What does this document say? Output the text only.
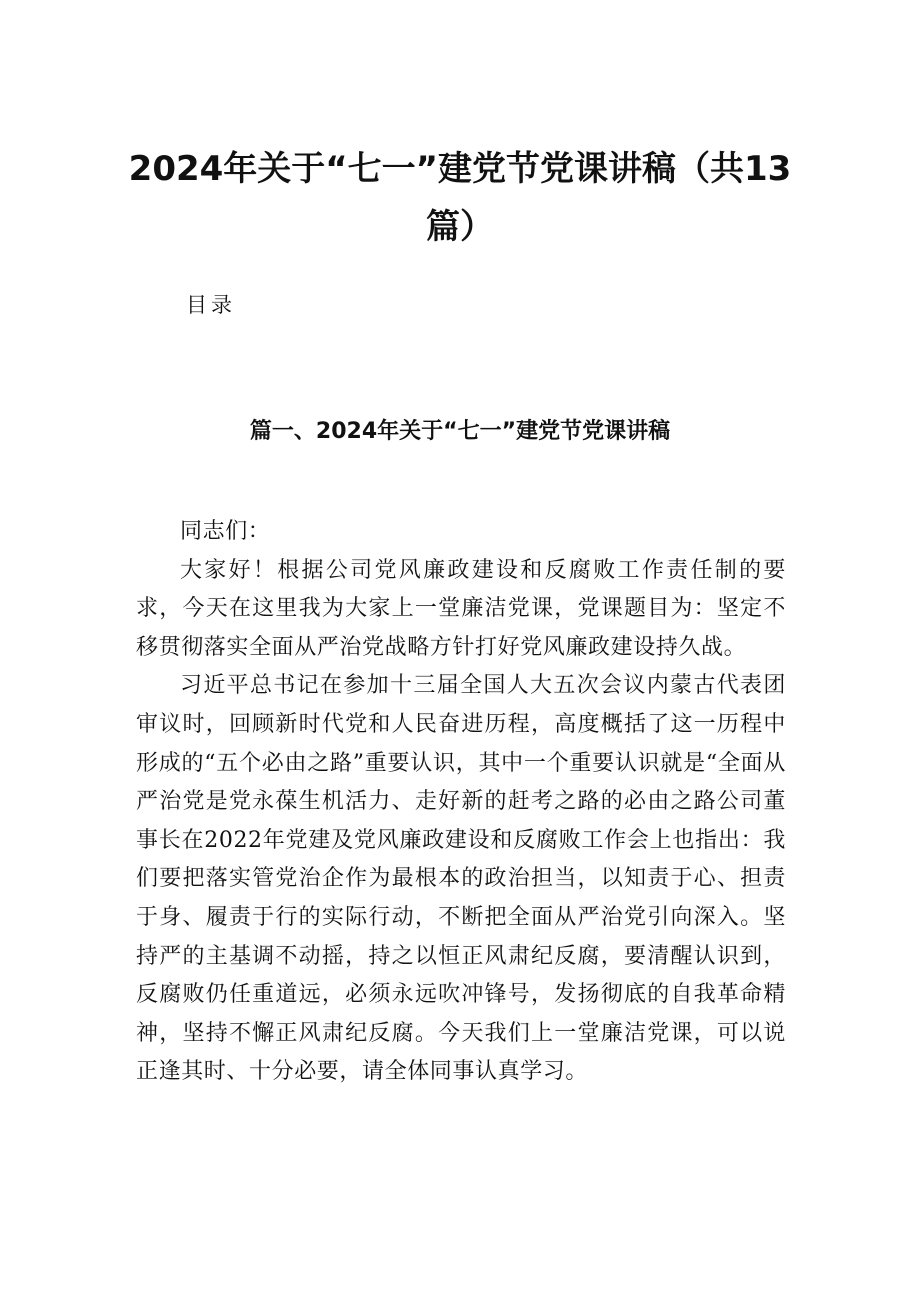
2024年关于“七一”建党节党课讲稿（共13
篇）
目录
篇一、2024年关于“七一”建党节党课讲稿

同志们：

大家好！根据公司党风廉政建设和反腐败工作责任制的要求，今天在这里我为大家上一堂廉洁党课，党课题目为：坚定不移贯彻落实全面从严治党战略方针打好党风廉政建设持久战。

习近平总书记在参加十三届全国人大五次会议内蒙古代表团审议时，回顾新时代党和人民奋进历程，高度概括了这一历程中形成的“五个必由之路”重要认识，其中一个重要认识就是“全面从严治党是党永葆生机活力、走好新的赶考之路的必由之路公司董事长在2022年党建及党风廉政建设和反腐败工作会上也指出：我们要把落实管党治企作为最根本的政治担当，以知责于心、担责于身、履责于行的实际行动，不断把全面从严治党引向深入。坚持严的主基调不动摇，持之以恒正风肃纪反腐，要清醒认识到，反腐败仍任重道远，必须永远吹冲锋号，发扬彻底的自我革命精神，坚持不懈正风肃纪反腐。今天我们上一堂廉洁党课，可以说正逢其时、十分必要，请全体同事认真学习。
